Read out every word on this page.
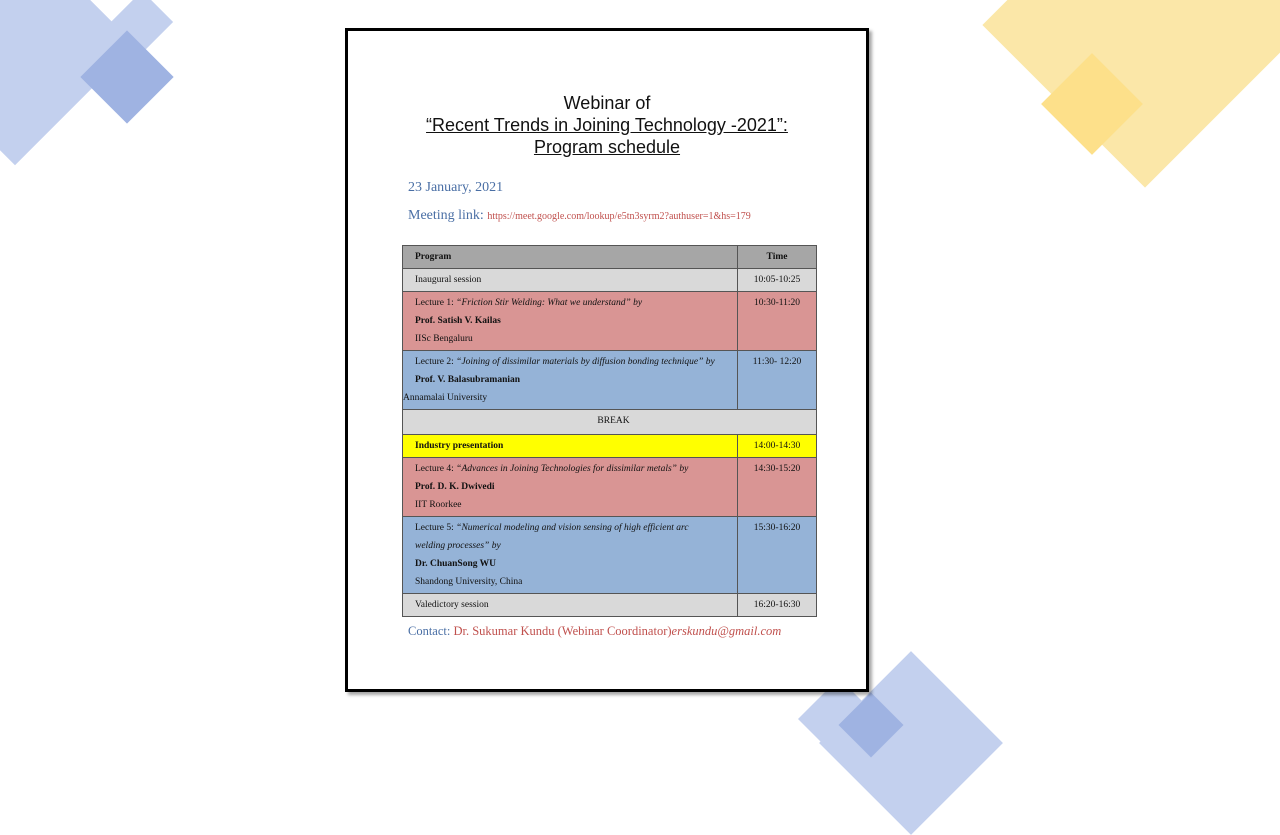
Webinar of
“Recent Trends in Joining Technology -2021”:
Program schedule
23 January, 2021
Meeting link: https://meet.google.com/lookup/e5tn3syrm2?authuser=1&hs=179
Program	Time
Inaugural session	10:05-10:25

Lecture 1: “Friction Stir Welding: What we understand” by
Prof. Satish V. Kailas
IISc Bengaluru	10:30-11:20

Lecture 2: “Joining of dissimilar materials by diffusion bonding technique” by
Prof. V. Balasubramanian
Annamalai University	11:30- 12:20
BREAK	
Industry presentation	14:00-14:30

Lecture 4: “Advances in Joining Technologies for dissimilar metals” by
Prof. D. K. Dwivedi
IIT Roorkee	14:30-15:20

Lecture 5: “Numerical modeling and vision sensing of high efficient arc
welding processes” by
Dr. ChuanSong WU
Shandong University, China	15:30-16:20
Valedictory session	16:20-16:30
Contact: Dr. Sukumar Kundu (Webinar Coordinator)erskundu@gmail.com
